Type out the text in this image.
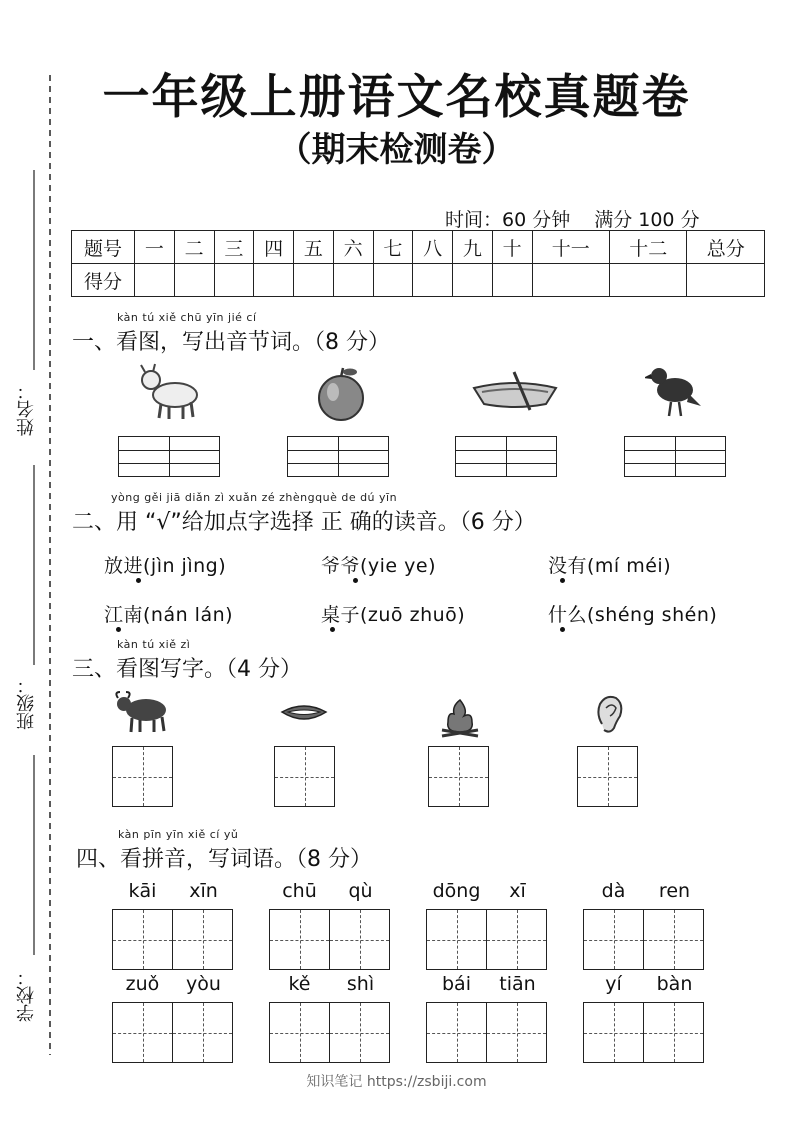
姓名：
班级：
学校：
一年级上册语文名校真题卷
（期末检测卷）
时间：60 分钟 满分 100 分
题号	一	二	三	四	五	六	七	八	九	十	十一	十二	总分
得分													
kàn tú xiě chū yīn jié cí
一、看图，写出音节词。（8 分）
yòng gěi jiā diǎn zì xuǎn zé zhèngquè de dú yīn
二、用 “√”给加点字选择 正 确的读音。（6 分）
放进(jìn jìng)	爷爷(yie ye)	没有(mí méi)
江南(nán lán)	桌子(zuō zhuō)	什么(shéng shén)
kàn tú xiě zì
三、看图写字。（4 分）
kàn pīn yīn xiě cí yǔ
四、看拼音，写词语。（8 分）
kāi	xīn	chū	qù	dōng	xī	dà	ren
zuǒ	yòu	kě	shì	bái	tiān	yí	bàn
知识笔记 https://zsbiji.com
